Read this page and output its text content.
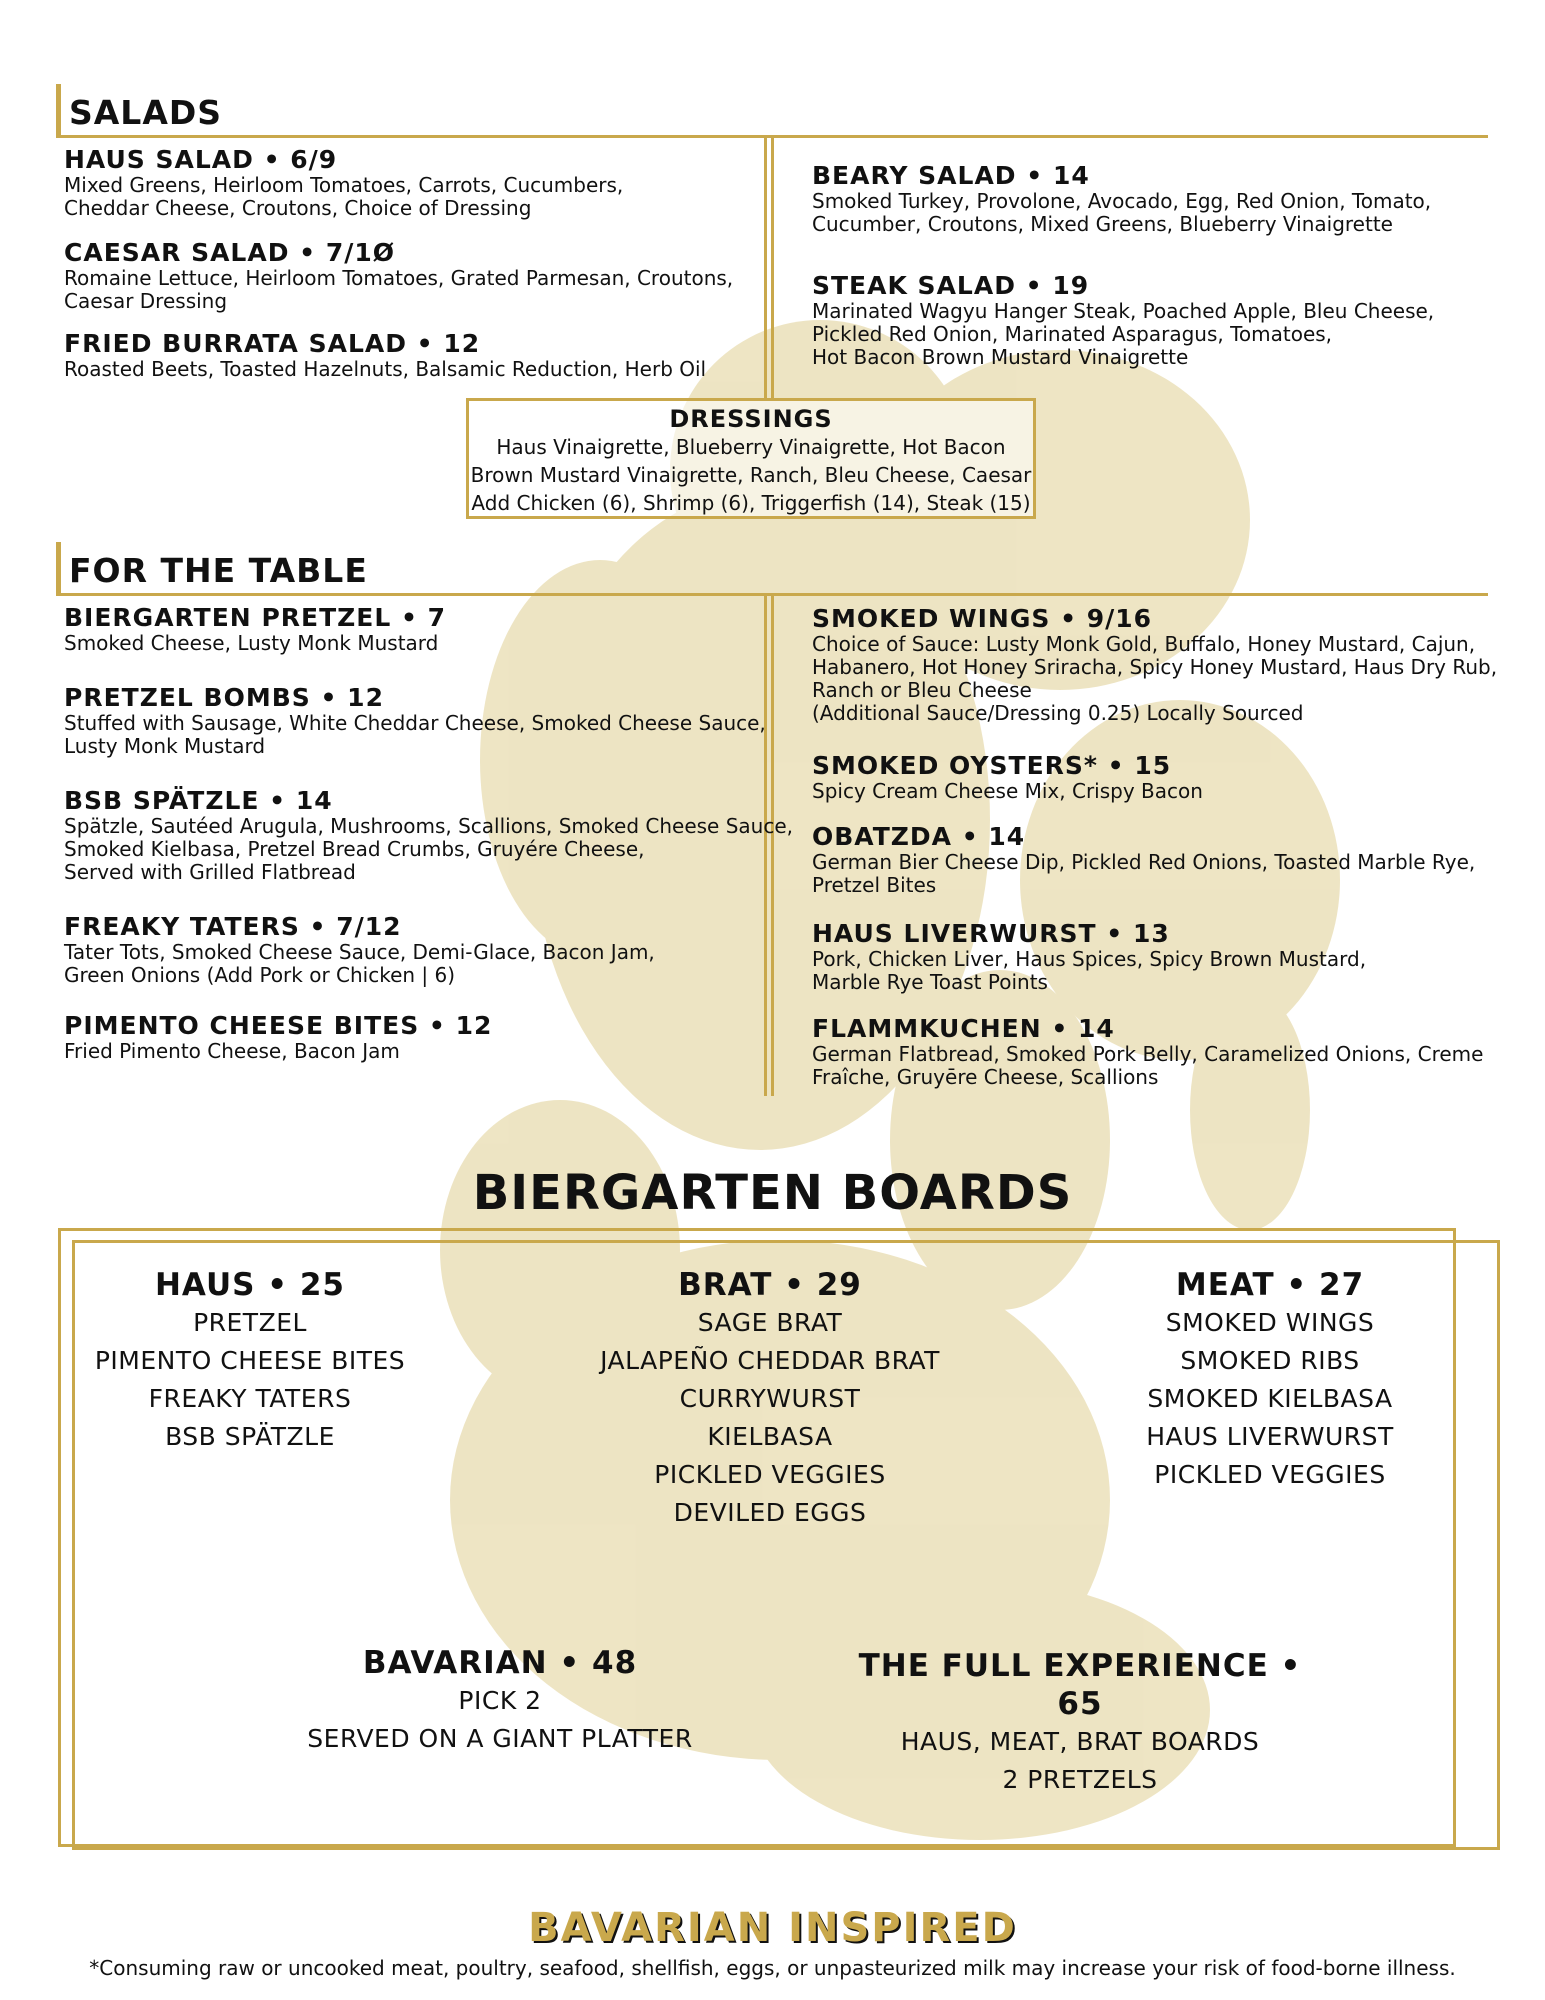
SALADS
HAUS SALAD • 6/9
Mixed Greens, Heirloom Tomatoes, Carrots, Cucumbers,
Cheddar Cheese, Croutons, Choice of Dressing
CAESAR SALAD • 7/1Ø
Romaine Lettuce, Heirloom Tomatoes, Grated Parmesan, Croutons,
Caesar Dressing
FRIED BURRATA SALAD • 12
Roasted Beets, Toasted Hazelnuts, Balsamic Reduction, Herb Oil
BEARY SALAD • 14
Smoked Turkey, Provolone, Avocado, Egg, Red Onion, Tomato,
Cucumber, Croutons, Mixed Greens, Blueberry Vinaigrette
STEAK SALAD • 19
Marinated Wagyu Hanger Steak, Poached Apple, Bleu Cheese,
Pickled Red Onion, Marinated Asparagus, Tomatoes,
Hot Bacon Brown Mustard Vinaigrette
DRESSINGS
Haus Vinaigrette, Blueberry Vinaigrette, Hot Bacon
Brown Mustard Vinaigrette, Ranch, Bleu Cheese, Caesar
Add Chicken (6), Shrimp (6), Triggerfish (14), Steak (15)
FOR THE TABLE
BIERGARTEN PRETZEL • 7
Smoked Cheese, Lusty Monk Mustard
PRETZEL BOMBS • 12
Stuffed with Sausage, White Cheddar Cheese, Smoked Cheese Sauce,
Lusty Monk Mustard
BSB SPÄTZLE • 14
Spätzle, Sautéed Arugula, Mushrooms, Scallions, Smoked Cheese Sauce,
Smoked Kielbasa, Pretzel Bread Crumbs, Gruyére Cheese,
Served with Grilled Flatbread
FREAKY TATERS • 7/12
Tater Tots, Smoked Cheese Sauce, Demi-Glace, Bacon Jam,
Green Onions (Add Pork or Chicken | 6)
PIMENTO CHEESE BITES • 12
Fried Pimento Cheese, Bacon Jam
SMOKED WINGS • 9/16
Choice of Sauce: Lusty Monk Gold, Buffalo, Honey Mustard, Cajun,
Habanero, Hot Honey Sriracha, Spicy Honey Mustard, Haus Dry Rub,
Ranch or Bleu Cheese
(Additional Sauce/Dressing 0.25) Locally Sourced
SMOKED OYSTERS* • 15
Spicy Cream Cheese Mix, Crispy Bacon
OBATZDA • 14
German Bier Cheese Dip, Pickled Red Onions, Toasted Marble Rye,
Pretzel Bites
HAUS LIVERWURST • 13
Pork, Chicken Liver, Haus Spices, Spicy Brown Mustard,
Marble Rye Toast Points
FLAMMKUCHEN • 14
German Flatbread, Smoked Pork Belly, Caramelized Onions, Creme
Fraîche, Gruyēre Cheese, Scallions
BIERGARTEN BOARDS
HAUS • 25
PRETZEL
PIMENTO CHEESE BITES
FREAKY TATERS
BSB SPÄTZLE
BRAT • 29
SAGE BRAT
JALAPEÑO CHEDDAR BRAT
CURRYWURST
KIELBASA
PICKLED VEGGIES
DEVILED EGGS
MEAT • 27
SMOKED WINGS
SMOKED RIBS
SMOKED KIELBASA
HAUS LIVERWURST
PICKLED VEGGIES
BAVARIAN • 48
PICK 2
SERVED ON A GIANT PLATTER
THE FULL EXPERIENCE • 65
HAUS, MEAT, BRAT BOARDS
2 PRETZELS
BAVARIAN INSPIRED
*Consuming raw or uncooked meat, poultry, seafood, shellfish, eggs, or unpasteurized milk may increase your risk of food-borne illness.
